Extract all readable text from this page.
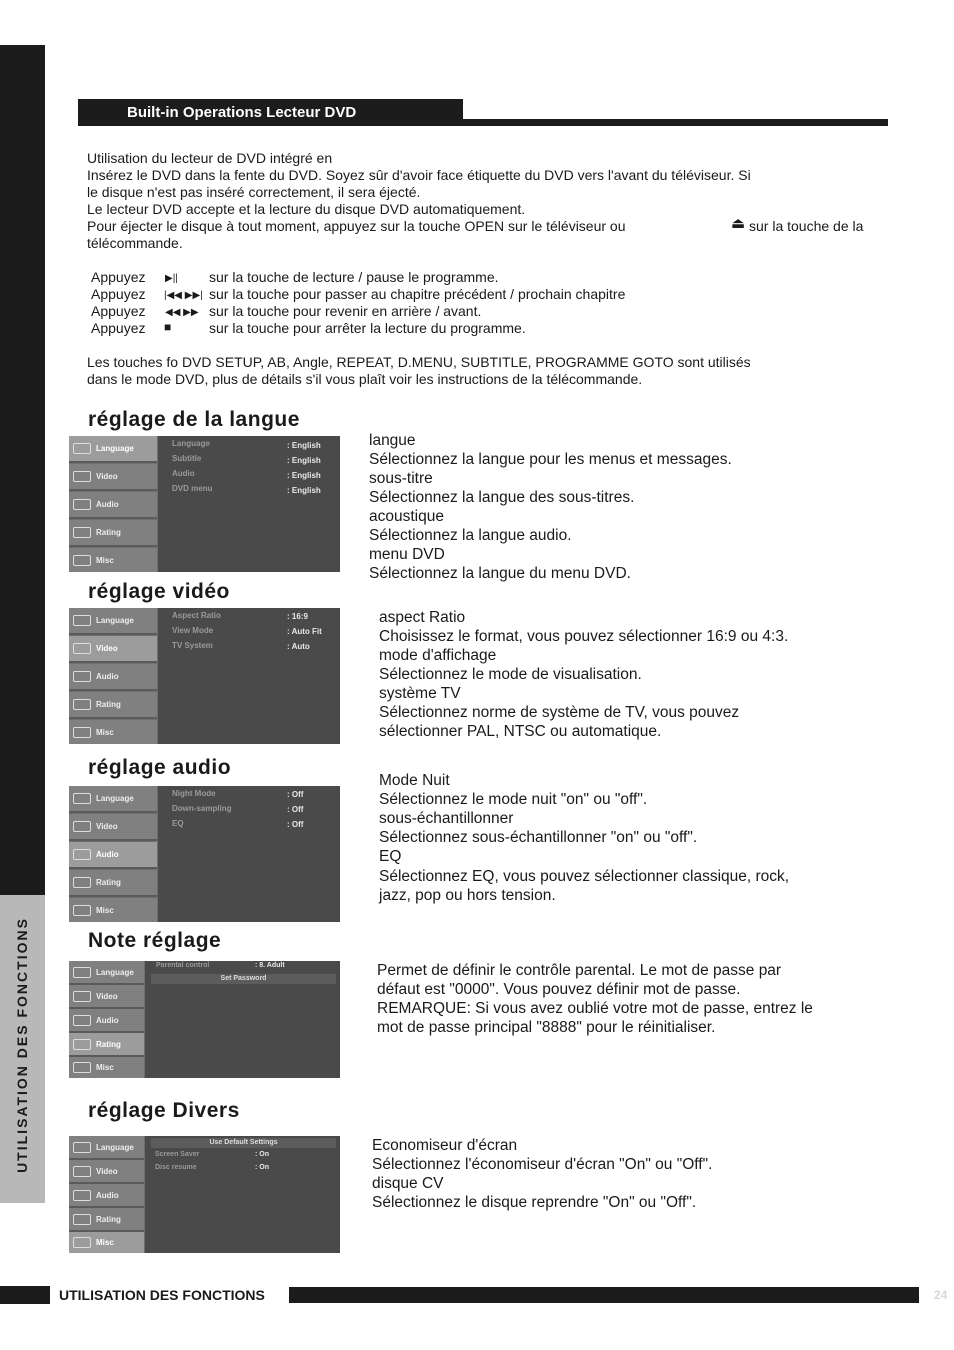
UTILISATION DES FONCTIONS
Built-in Operations Lecteur DVD
Utilisation du lecteur de DVD intégré en
Insérez le DVD dans la fente du DVD. Soyez sûr d'avoir face étiquette du DVD vers l'avant du téléviseur. Si
le disque n'est pas inséré correctement, il sera éjecté.
Le lecteur DVD accepte et la lecture du disque DVD automatiquement.
Pour éjecter le disque à tout moment, appuyez sur la touche OPEN sur le téléviseur ou	⏏ sur la touche de la
télécommande.
Appuyez ▶|| sur la touche de lecture / pause le programme.
Appuyez |◀◀ ▶▶| sur la touche pour passer au chapitre précédent / prochain chapitre
Appuyez ◀◀ ▶▶ sur la touche pour revenir en arrière / avant.
Appuyez ■	sur la touche pour arrêter la lecture du programme.
Les touches fo DVD SETUP, AB, Angle, REPEAT, D.MENU, SUBTITLE, PROGRAMME GOTO sont utilisés
dans le mode DVD, plus de détails s'il vous plaît voir les instructions de la télécommande.
réglage de la langue
Language
Video
Audio
Rating
Misc
Language	: English
Subtitle	: English
Audio	: English
DVD menu	: English
langue
Sélectionnez la langue pour les menus et messages.
sous-titre
Sélectionnez la langue des sous-titres.
acoustique
Sélectionnez la langue audio.
menu DVD
Sélectionnez la langue du menu DVD.
réglage vidéo
Language
Video
Audio
Rating
Misc
Aspect Ratio	: 16:9
View Mode	: Auto Fit
TV System	: Auto
aspect Ratio
Choisissez le format, vous pouvez sélectionner 16:9 ou 4:3.
mode d'affichage
Sélectionnez le mode de visualisation.
système TV
Sélectionnez norme de système de TV, vous pouvez
sélectionner PAL, NTSC ou automatique.
réglage audio
Language
Video
Audio
Rating
Misc
Night Mode	: Off
Down-sampling	: Off
EQ	: Off
Mode Nuit
Sélectionnez le mode nuit "on" ou "off".
sous-échantillonner
Sélectionnez sous-échantillonner "on" ou "off".
EQ
Sélectionnez EQ, vous pouvez sélectionner classique, rock,
jazz, pop ou hors tension.
Note réglage
Language
Video
Audio
Rating
Misc
Parental control	: 8. Adult
Set Password	Permet de définir le contrôle parental. Le mot de passe par
défaut est "0000". Vous pouvez définir mot de passe.
REMARQUE: Si vous avez oublié votre mot de passe, entrez le
mot de passe principal "8888" pour le réinitialiser.
réglage Divers
Language
Video
Audio
Rating
Misc
Use Default Settings
Screen Saver	: On
Disc resume	: On
Economiseur d'écran
Sélectionnez l'économiseur d'écran "On" ou "Off".
disque CV
Sélectionnez le disque reprendre "On" ou "Off".
UTILISATION DES FONCTIONS	24
